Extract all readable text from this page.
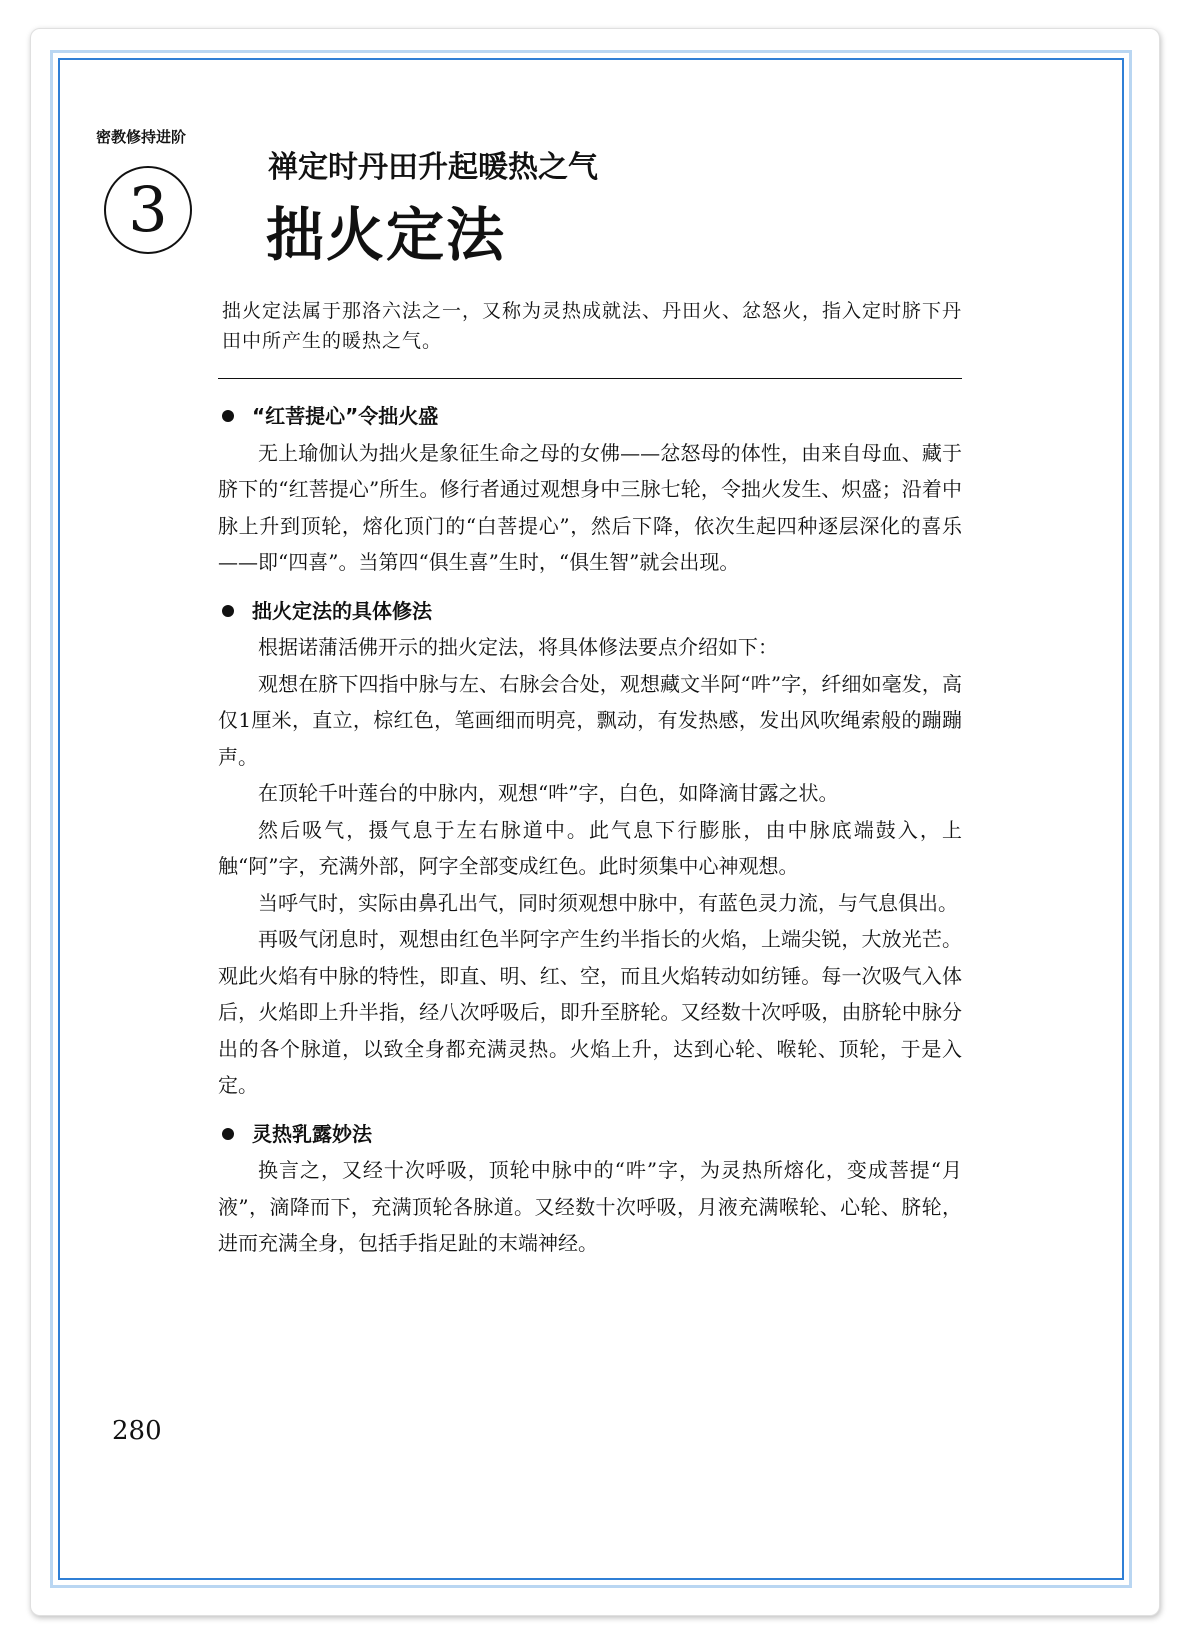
密教修持进阶
3
禅定时丹田升起暖热之气
拙火定法
拙火定法属于那洛六法之一，又称为灵热成就法、丹田火、忿怒火，指入定时脐下丹田中所产生的暖热之气。
“红菩提心”令拙火盛

无上瑜伽认为拙火是象征生命之母的女佛——忿怒母的体性，由来自母血、藏于脐下的“红菩提心”所生。修行者通过观想身中三脉七轮，令拙火发生、炽盛；沿着中脉上升到顶轮，熔化顶门的“白菩提心”，然后下降，依次生起四种逐层深化的喜乐——即“四喜”。当第四“俱生喜”生时，“俱生智”就会出现。

拙火定法的具体修法

根据诺蒲活佛开示的拙火定法，将具体修法要点介绍如下：

观想在脐下四指中脉与左、右脉会合处，观想藏文半阿“吽”字，纤细如毫发，高仅1厘米，直立，棕红色，笔画细而明亮，飘动，有发热感，发出风吹绳索般的蹦蹦声。

在顶轮千叶莲台的中脉内，观想“吽”字，白色，如降滴甘露之状。

然后吸气，摄气息于左右脉道中。此气息下行膨胀，由中脉底端鼓入，上触“阿”字，充满外部，阿字全部变成红色。此时须集中心神观想。

当呼气时，实际由鼻孔出气，同时须观想中脉中，有蓝色灵力流，与气息俱出。

再吸气闭息时，观想由红色半阿字产生约半指长的火焰，上端尖锐，大放光芒。观此火焰有中脉的特性，即直、明、红、空，而且火焰转动如纺锤。每一次吸气入体后，火焰即上升半指，经八次呼吸后，即升至脐轮。又经数十次呼吸，由脐轮中脉分出的各个脉道，以致全身都充满灵热。火焰上升，达到心轮、喉轮、顶轮，于是入定。

灵热乳露妙法

换言之，又经十次呼吸，顶轮中脉中的“吽”字，为灵热所熔化，变成菩提“月液”，滴降而下，充满顶轮各脉道。又经数十次呼吸，月液充满喉轮、心轮、脐轮，进而充满全身，包括手指足趾的末端神经。

280
